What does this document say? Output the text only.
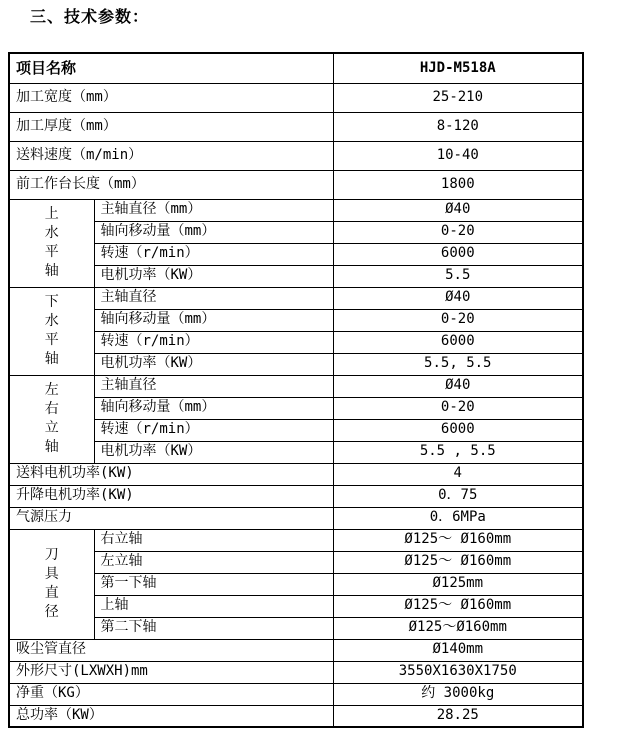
三、技术参数：
项目名称		HJD-M518A
加工宽度（mm）		25-210
加工厚度（mm）		8-120
送料速度（m/min）		10-40
前工作台长度（mm）		1800

上水平轴	主轴直径（mm）	Ø40
	轴向移动量（mm）	0-20
	转速（r/min）	6000
	电机功率（KW）	5.5

下水平轴	主轴直径	Ø40
	轴向移动量（mm）	0-20
	转速（r/min）	6000
	电机功率（KW）	5.5, 5.5

左右立轴	主轴直径	Ø40
	轴向移动量（mm）	0-20
	转速（r/min）	6000
	电机功率（KW）	5.5 , 5.5
送料电机功率(KW)		4
升降电机功率(KW)		0．75
气源压力		0．6MPa

刀具直径	右立轴	Ø125～ Ø160mm
	左立轴	Ø125～ Ø160mm
	第一下轴	Ø125mm
	上轴	Ø125～ Ø160mm
	第二下轴	Ø125～Ø160mm
吸尘管直径		Ø140mm
外形尺寸(LXWXH)mm		3550X1630X1750
净重（KG）		约 3000kg
总功率（KW）		28.25
